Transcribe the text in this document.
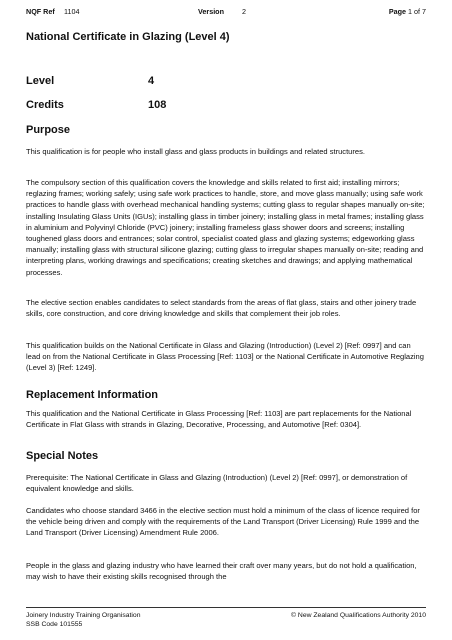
NQF Ref 1104	Version	2	Page 1 of 7
National Certificate in Glazing (Level 4)
Level	4
Credits	108
Purpose
This qualification is for people who install glass and glass products in buildings and related structures.
The compulsory section of this qualification covers the knowledge and skills related to first aid; installing mirrors; reglazing frames; working safely; using safe work practices to handle, store, and move glass manually; using safe work practices to handle glass with overhead mechanical handling systems; cutting glass to regular shapes manually on-site; installing Insulating Glass Units (IGUs); installing glass in timber joinery; installing glass in metal frames; installing glass in aluminium and Polyvinyl Chloride (PVC) joinery; installing frameless glass shower doors and screens; installing toughened glass doors and entrances; solar control, specialist coated glass and glazing systems; edgeworking glass manually; installing glass with structural silicone glazing; cutting glass to irregular shapes manually on-site; reading and interpreting plans, working drawings and specifications; creating sketches and drawings; and applying mathematical processes.
The elective section enables candidates to select standards from the areas of flat glass, stairs and other joinery trade skills, core construction, and core driving knowledge and skills that complement their job roles.
This qualification builds on the National Certificate in Glass and Glazing (Introduction) (Level 2) [Ref: 0997] and can lead on from the National Certificate in Glass Processing [Ref: 1103] or the National Certificate in Automotive Reglazing (Level 3) [Ref: 1249].
Replacement Information
This qualification and the National Certificate in Glass Processing [Ref: 1103] are part replacements for the National Certificate in Flat Glass with strands in Glazing, Decorative, Processing, and Automotive [Ref: 0304].
Special Notes
Prerequisite: The National Certificate in Glass and Glazing (Introduction) (Level 2) [Ref: 0997], or demonstration of equivalent knowledge and skills.
Candidates who choose standard 3466 in the elective section must hold a minimum of the class of licence required for the vehicle being driven and comply with the requirements of the Land Transport (Driver Licensing) Rule 1999 and the Land Transport (Driver Licensing) Amendment Rule 2006.
People in the glass and glazing industry who have learned their craft over many years, but do not hold a qualification, may wish to have their existing skills recognised through the
Joinery Industry Training Organisation
SSB Code 101555
© New Zealand Qualifications Authority 2010
